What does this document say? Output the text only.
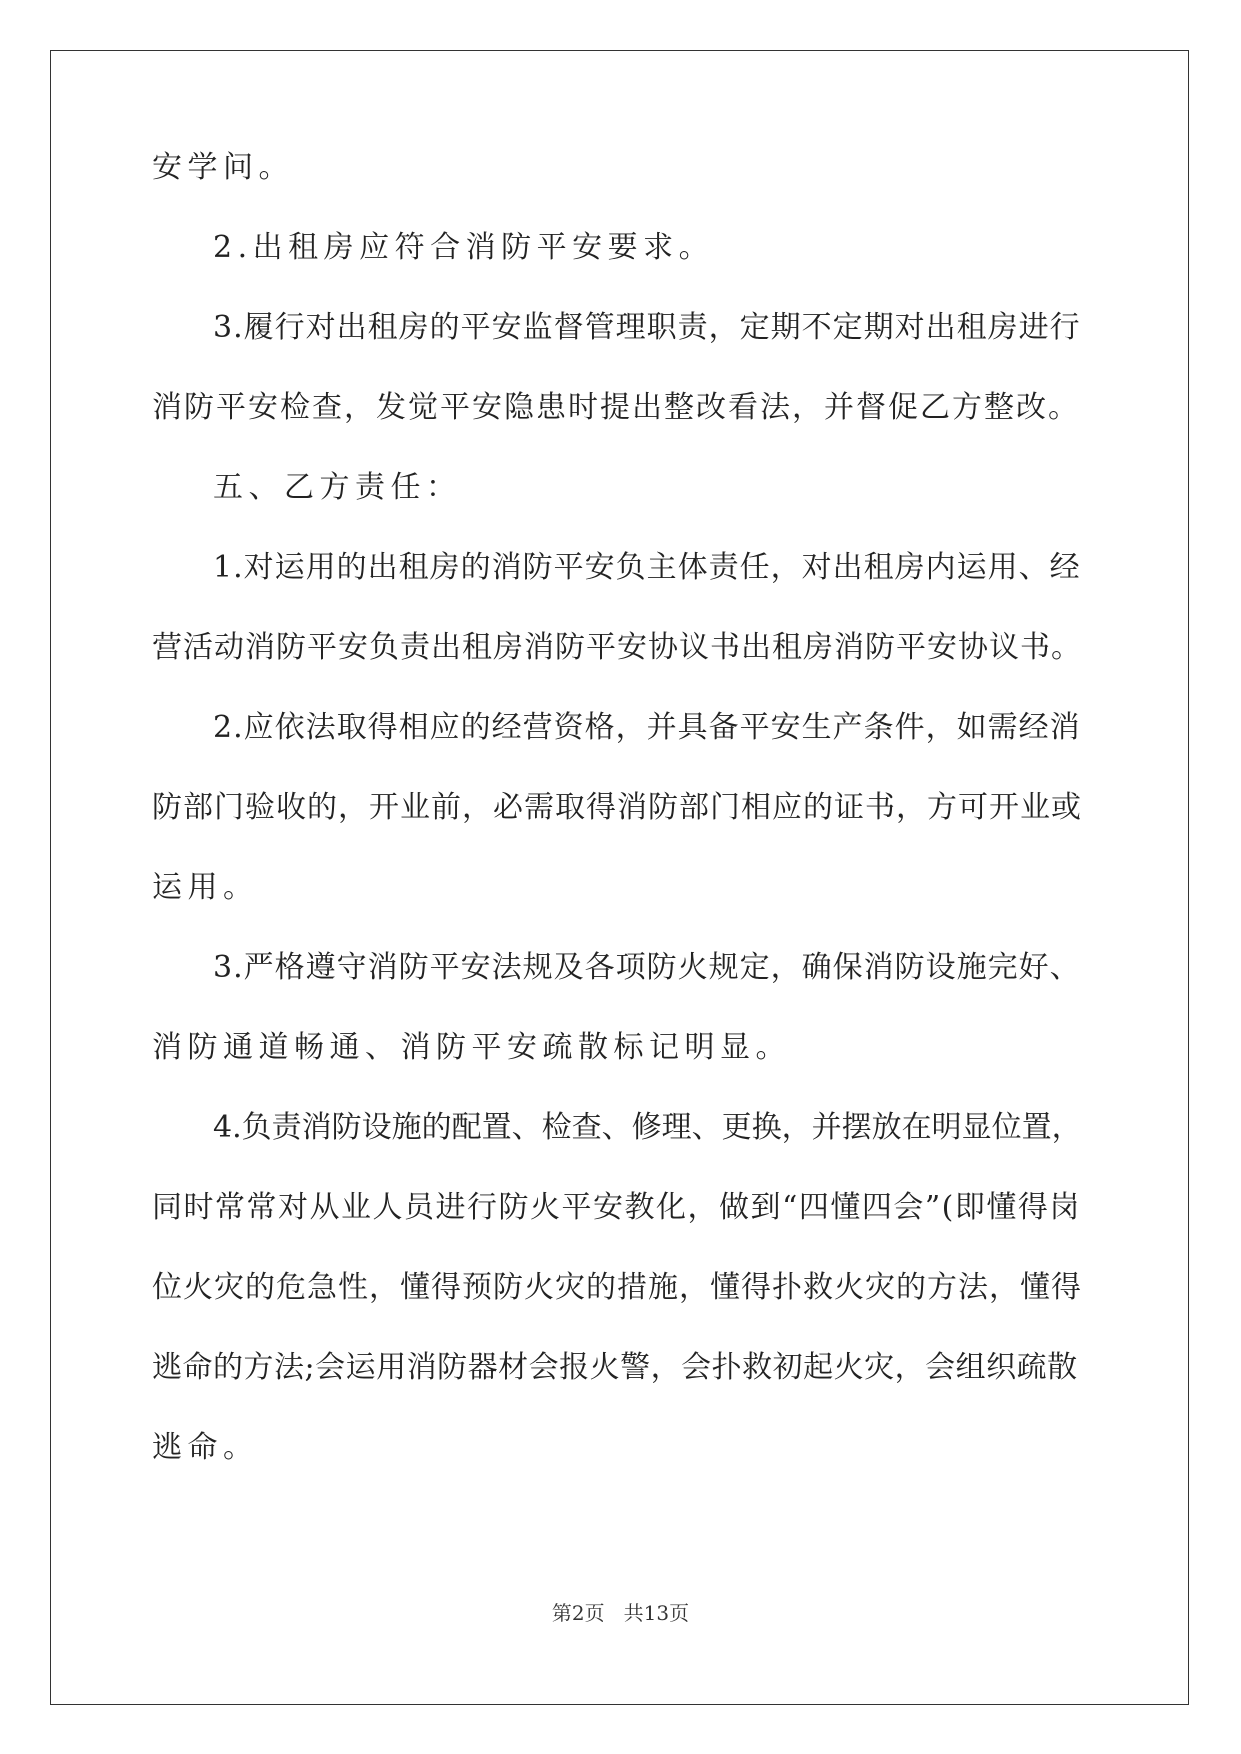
安学问。
2.出租房应符合消防平安要求。
3.履行对出租房的平安监督管理职责，定期不定期对出租房进行
消防平安检查，发觉平安隐患时提出整改看法，并督促乙方整改。
五、乙方责任：
1.对运用的出租房的消防平安负主体责任，对出租房内运用、经
营活动消防平安负责出租房消防平安协议书出租房消防平安协议书。
2.应依法取得相应的经营资格，并具备平安生产条件，如需经消
防部门验收的，开业前，必需取得消防部门相应的证书，方可开业或
运用。
3.严格遵守消防平安法规及各项防火规定，确保消防设施完好、
消防通道畅通、消防平安疏散标记明显。
4.负责消防设施的配置、检查、修理、更换，并摆放在明显位置，
同时常常对从业人员进行防火平安教化，做到“四懂四会”(即懂得岗
位火灾的危急性，懂得预防火灾的措施，懂得扑救火灾的方法，懂得
逃命的方法;会运用消防器材会报火警，会扑救初起火灾，会组织疏散
逃命。
第2页   共13页
